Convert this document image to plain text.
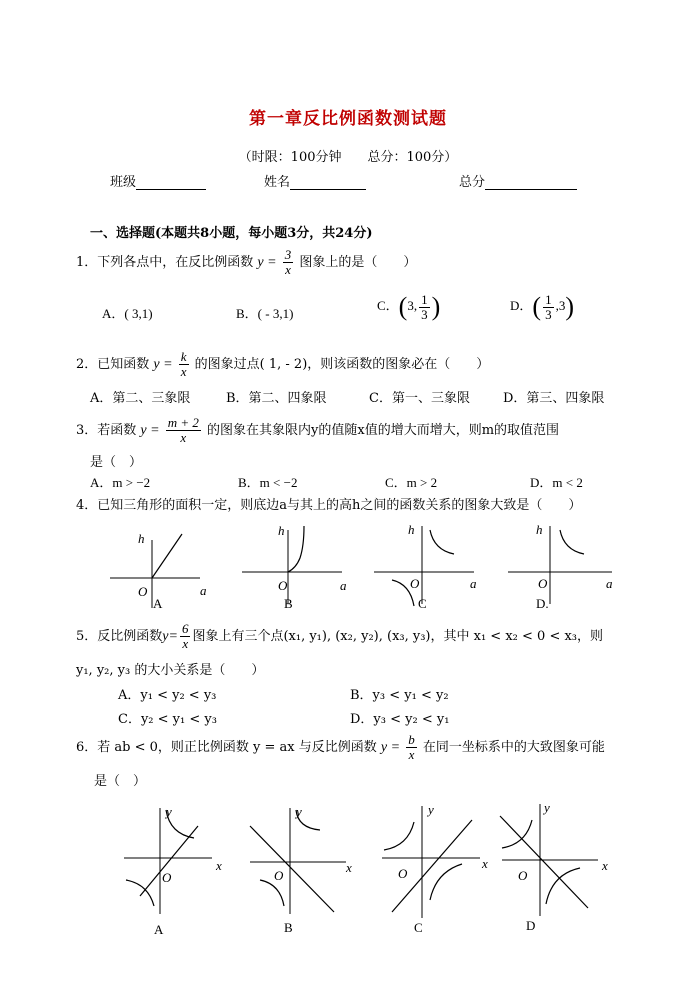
第一章反比例函数测试题
（时限：100分钟　　总分：100分）
班级	姓名	总分
一、选择题(本题共8小题，每小题3分，共24分)
1．下列各点中，在反比例函数 $y = \frac{3}{x}$ 图象上的是（　　）
A．( 3,1)	B．( - 3,1)
C．(3, $\frac{1}{3}$ )	D．( $\frac{1}{3} ,3$)
2．已知函数 $y = \frac{k}{x}$ 的图象过点( 1, - 2)，则该函数的图象必在（　　）
A．第二、三象限	B．第二、四象限	C．第一、三象限	D．第三、四象限
3．若函数 $y = \frac{m + 2}{x}$ 的图象在其象限内y的值随x值的增大而增大，则m的取值范围
是（　）
A．m > −2	B．m < −2	C．m > 2	D．m < 2
4．已知三角形的面积一定，则底边a与其上的高h之间的函数关系的图象大致是（　　）
h
a
O
A
h
a
O
B
h
a
O
C
h
a
O
D.
5．反比例函数$y= \frac{6}{x}$ 图象上有三个点(x₁, y₁), (x₂, y₂), (x₃, y₃)，其中 x₁ < x₂ < 0 < x₃，则
y₁, y₂, y₃ 的大小关系是（　　）
A．y₁ < y₂ < y₃	B．y₃ < y₁ < y₂
C．y₂ < y₁ < y₃	D．y₃ < y₂ < y₁
6．若 ab < 0，则正比例函数 y = ax 与反比例函数 $y = \frac{b}{x}$ 在同一坐标系中的大致图象可能
是（　）
y
x
O
A
y
x
O
B
y
x
O
C
y
x
O
D
